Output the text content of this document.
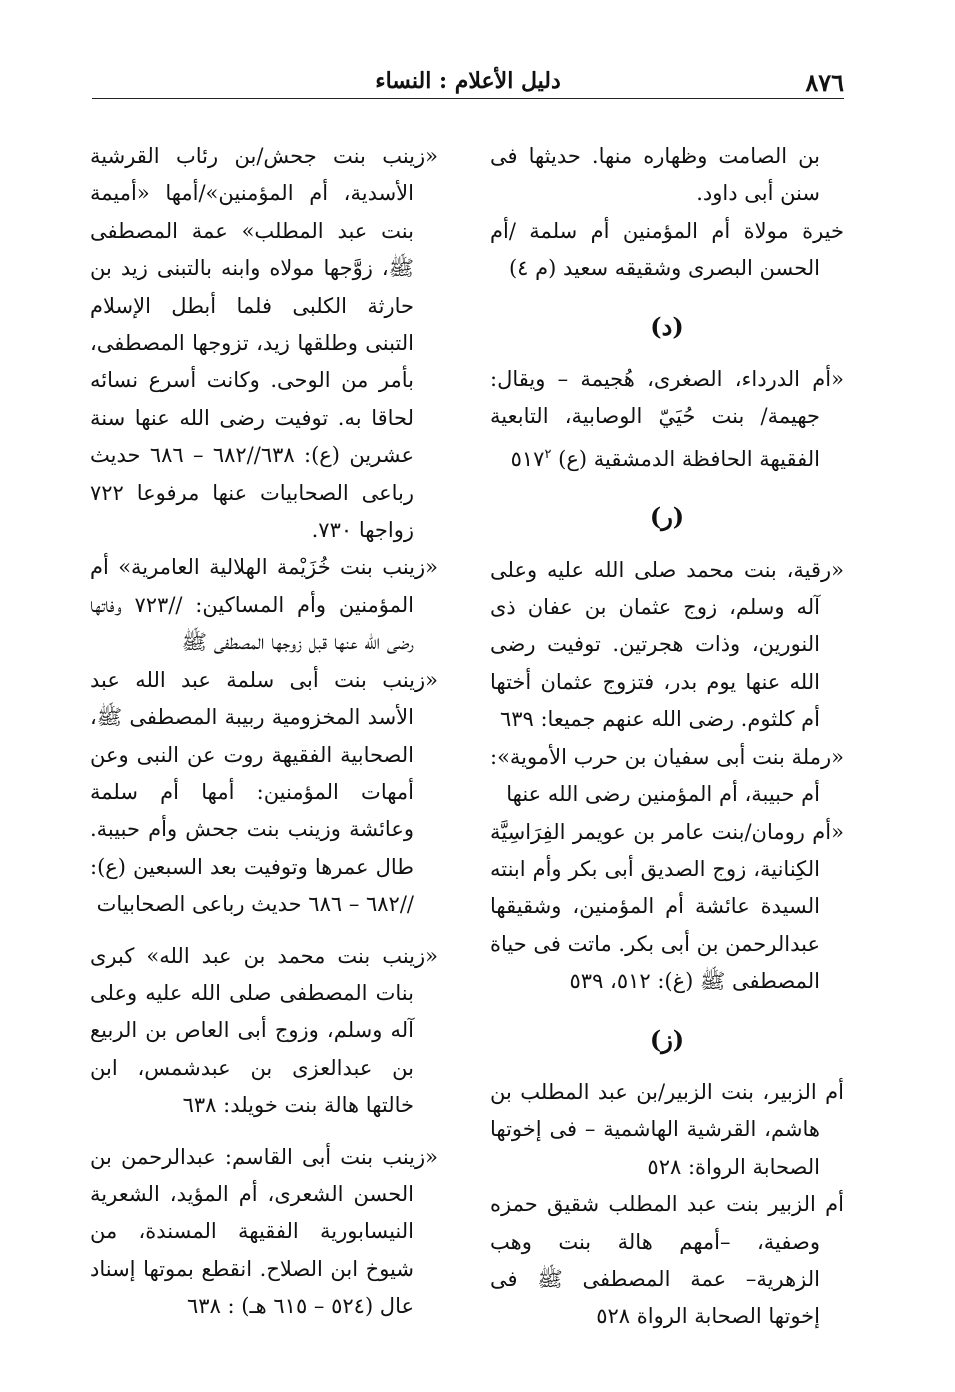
٨٧٦
دليل الأعلام : النساء

بن الصامت وظهاره منها. حديثها فى سنن أبى داود.

خيرة مولاة أم المؤمنين أم سلمة /أم الحسن البصرى وشقيقه سعيد (م ٤)

(د)

«أم الدرداء، الصغرى، هُجيمة – ويقال: جهيمة/ بنت حُيَيّ الوصابية، التابعية الفقيهة الحافظة الدمشقية (ع) $٥١٧^٢$

(ر)

«رقية، بنت محمد صلى الله عليه وعلى آله وسلم، زوج عثمان بن عفان ذى النورين، وذات هجرتين. توفيت رضى الله عنها يوم بدر، فتزوج عثمان أختها أم كلثوم. رضى الله عنهم جميعا: ٦٣٩

«رملة بنت أبى سفيان بن حرب الأموية»: أم حبيبة، أم المؤمنين رضى الله عنها

«أم رومان/بنت عامر بن عويمر الفِرَاسِيَّة الكِنانية، زوج الصديق أبى بكر وأم ابنته السيدة عائشة أم المؤمنين، وشقيقها عبدالرحمن بن أبى بكر. ماتت فى حياة المصطفى ﷺ (غ): ٥١٢، ٥٣٩

(ز)

أم الزبير، بنت الزبير/بن عبد المطلب بن هاشم، القرشية الهاشمية – فى إخوتها الصحابة الرواة: ٥٢٨

أم الزبير بنت عبد المطلب شقيق حمزه وصفية، –أمهم هالة بنت وهب الزهرية– عمة المصطفى ﷺ فى إخوتها الصحابة الرواة ٥٢٨

«زينب بنت جحش/بن رئاب القرشية الأسدية، أم المؤمنين»/أمها «أميمة بنت عبد المطلب» عمة المصطفى ﷺ، زوَّجها مولاه وابنه بالتبنى زيد بن حارثة الكلبى فلما أبطل الإسلام التبنى وطلقها زيد، تزوجها المصطفى، بأمر من الوحى. وكانت أسرع نسائه لحاقا به. توفيت رضى الله عنها سنة عشرين (ع): ٦٣٨//٦٨٢ – ٦٨٦ حديث رباعى الصحابيات عنها مرفوعا ٧٢٢ زواجها ٧٣٠.

«زينب بنت خُزَيْمة الهلالية العامرية» أم المؤمنين وأم المساكين: //٧٢٣ وفاتها رضى الله عنها قبل زوجها المصطفى ﷺ

«زينب بنت أبى سلمة عبد الله عبد الأسد المخزومية ربيبة المصطفى ﷺ، الصحابية الفقيهة روت عن النبى وعن أمهات المؤمنين: أمها أم سلمة وعائشة وزينب بنت جحش وأم حبيبة. طال عمرها وتوفيت بعد السبعين (ع): //٦٨٢ – ٦٨٦ حديث رباعى الصحابيات

«زينب بنت محمد بن عبد الله» كبرى بنات المصطفى صلى الله عليه وعلى آله وسلم، وزوج أبى العاص بن الربيع بن عبدالعزى بن عبدشمس، ابن خالتها هالة بنت خويلد: ٦٣٨

«زينب بنت أبى القاسم: عبدالرحمن بن الحسن الشعرى، أم المؤيد، الشعرية النيسابورية الفقيهة المسندة، من شيوخ ابن الصلاح. انقطع بموتها إسناد عال (٥٢٤ – ٦١٥ هـ) : ٦٣٨
